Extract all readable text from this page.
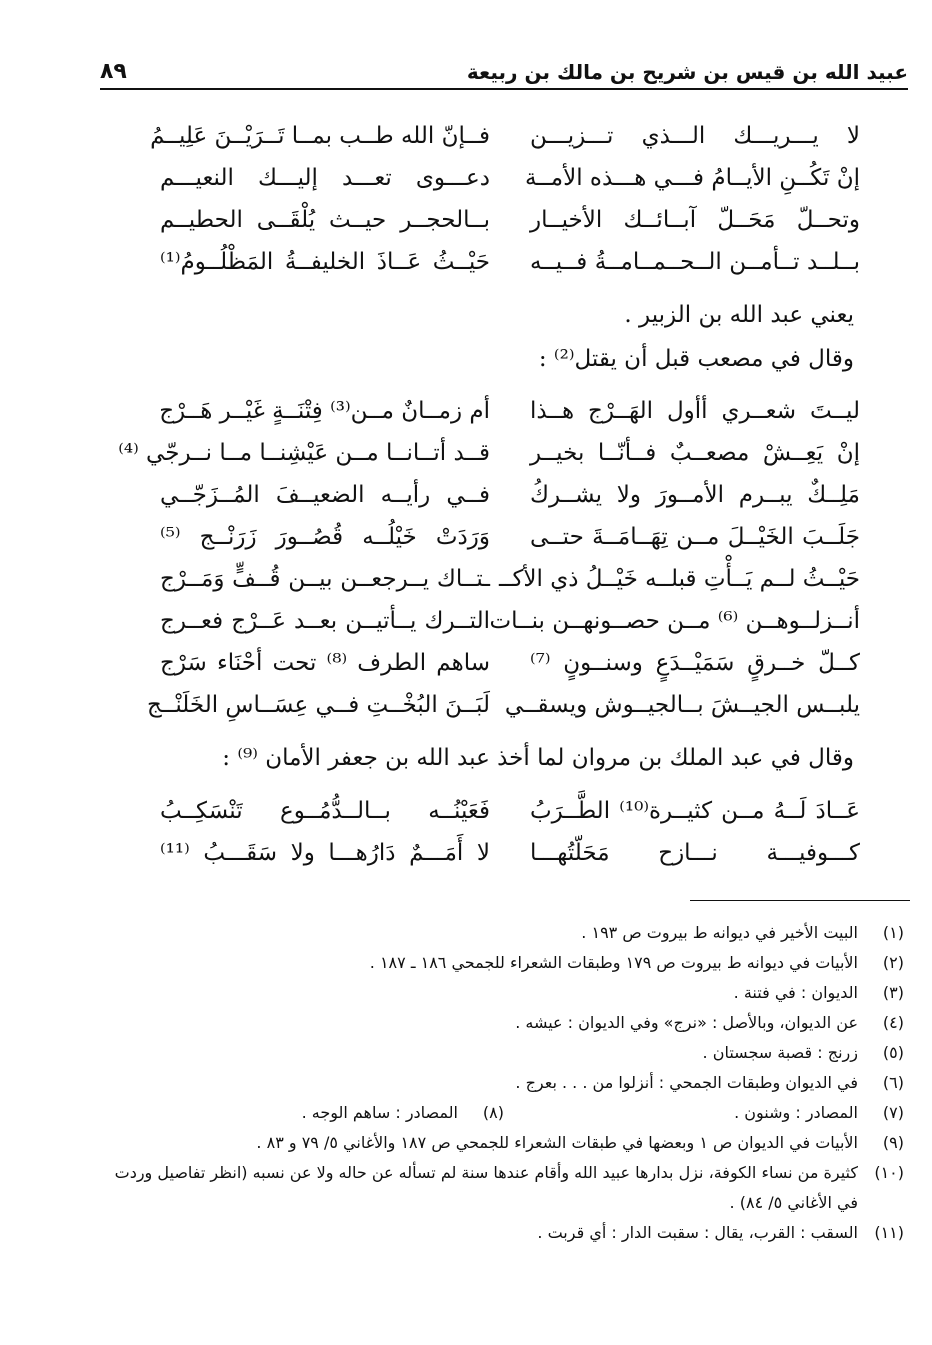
عبيد الله بن قيس بن شريح بن مالك بن ربيعة
٨٩
لا يـــريـــك الـــذي تـــزيـــن
فــإنّ الله طــب بمــا تَــرَيْــنَ عَلِيــمُ
إنْ تَكُــنِ الأيــامُ فـــي هـــذه الأمــة
دعـــوى تعـــد إليـــك النعيـــم
وتحــلّ مَحَــلّ آبــائــك الأخيــار
بــالحجــر حيــث يُلْقَــى الحطيــم
بــلــد تــأمــن الــحــمــامــةُ فــيــه
حَيْــثُ عَــاذَ الخليفــةُ المَظْلُــومُ⁽¹⁾
يعني عبد الله بن الزبير .
وقال في مصعب قبل أن يقتل⁽²⁾ :
ليــتَ شعــري أأول الهَــرْج هــذا
أم زمــانٌ مــن⁽³⁾ فِتْنَــةٍ غَيْــر هَــرْج
إنْ يَعِــشْ مصعــبٌ فــأنّــا بخيــر
قــد أتــانــا مــن عَيْشِنــا مــا نــرجّي ⁽⁴⁾
مَلِــكٌ يبــرم الأمــورَ ولا يشــركُ
فــي رأيــه الضعيــفَ المُــزَجّــي
جَلَــبَ الخَيْــلَ مــن تِهَــامَــةَ حتــى
وَرَدَتْ خَيْلُــه قُصُــورَ زَرَنْــج ⁽⁵⁾
حَيْــثُ لــم يَــأْتِ قبلــه خَيْــلُ ذي الأكــ
ـتــاك يــرجعــن بيــن قُــفٍّ وَمَــرْج
أنــزلــوهــن ⁽⁶⁾ مــن حصــونهــن بنــات
التــرك يــأتيــن بعــد عَــرْج فعــرج
كــلّ خــرقٍ سَمَيْــدَعٍ وسنــونٍ ⁽⁷⁾
ساهم الطرف ⁽⁸⁾ تحت أحْنَاء سَرْج
يلبــس الجيــشَ بــالجيــوش ويسقــي
لَبَــنَ البُخْــتِ فــي عِسَــاسِ الخَلَنْــج
وقال في عبد الملك بن مروان لما أخذ عبد الله بن جعفر الأمان ⁽⁹⁾ :
عَــادَ لَــهُ مــن كثيــرة⁽¹⁰⁾ الطَّــرَبُ
فَعَيْنُــه بــالــدُّمُــوع تَنْسَكِــبُ
كـــوفيـــة نـــازح مَحَلّتُهـــا
لا أَمَـــمٌ دَارُهـــا ولا سَقَـــبُ ⁽¹¹⁾
(١)
البيت الأخير في ديوانه ط بيروت ص ١٩٣ .
(٢)
الأبيات في ديوانه ط بيروت ص ١٧٩ وطبقات الشعراء للجمحي ١٨٦ ـ ١٨٧ .
(٣)
الديوان : في فتنة .
(٤)
عن الديوان، وبالأصل : «نرج» وفي الديوان : عيشه .
(٥)
زرنج : قصبة سجستان .
(٦)
في الديوان وطبقات الجمحي : أنزلوا من . . . بعرج .
(٧)
المصادر : وشنون .
(٨)
المصادر : ساهم الوجه .
(٩)
الأبيات في الديوان ص ١ وبعضها في طبقات الشعراء للجمحي ص ١٨٧ والأغاني ٥/ ٧٩ و ٨٣ .
(١٠)
كثيرة من نساء الكوفة، نزل بدارها عبيد الله وأقام عندها سنة لم تسأله عن حاله ولا عن نسبه (انظر تفاصيل وردت في الأغاني ٥/ ٨٤) .
(١١)
السقب : القرب، يقال : سقبت الدار : أي قربت .
